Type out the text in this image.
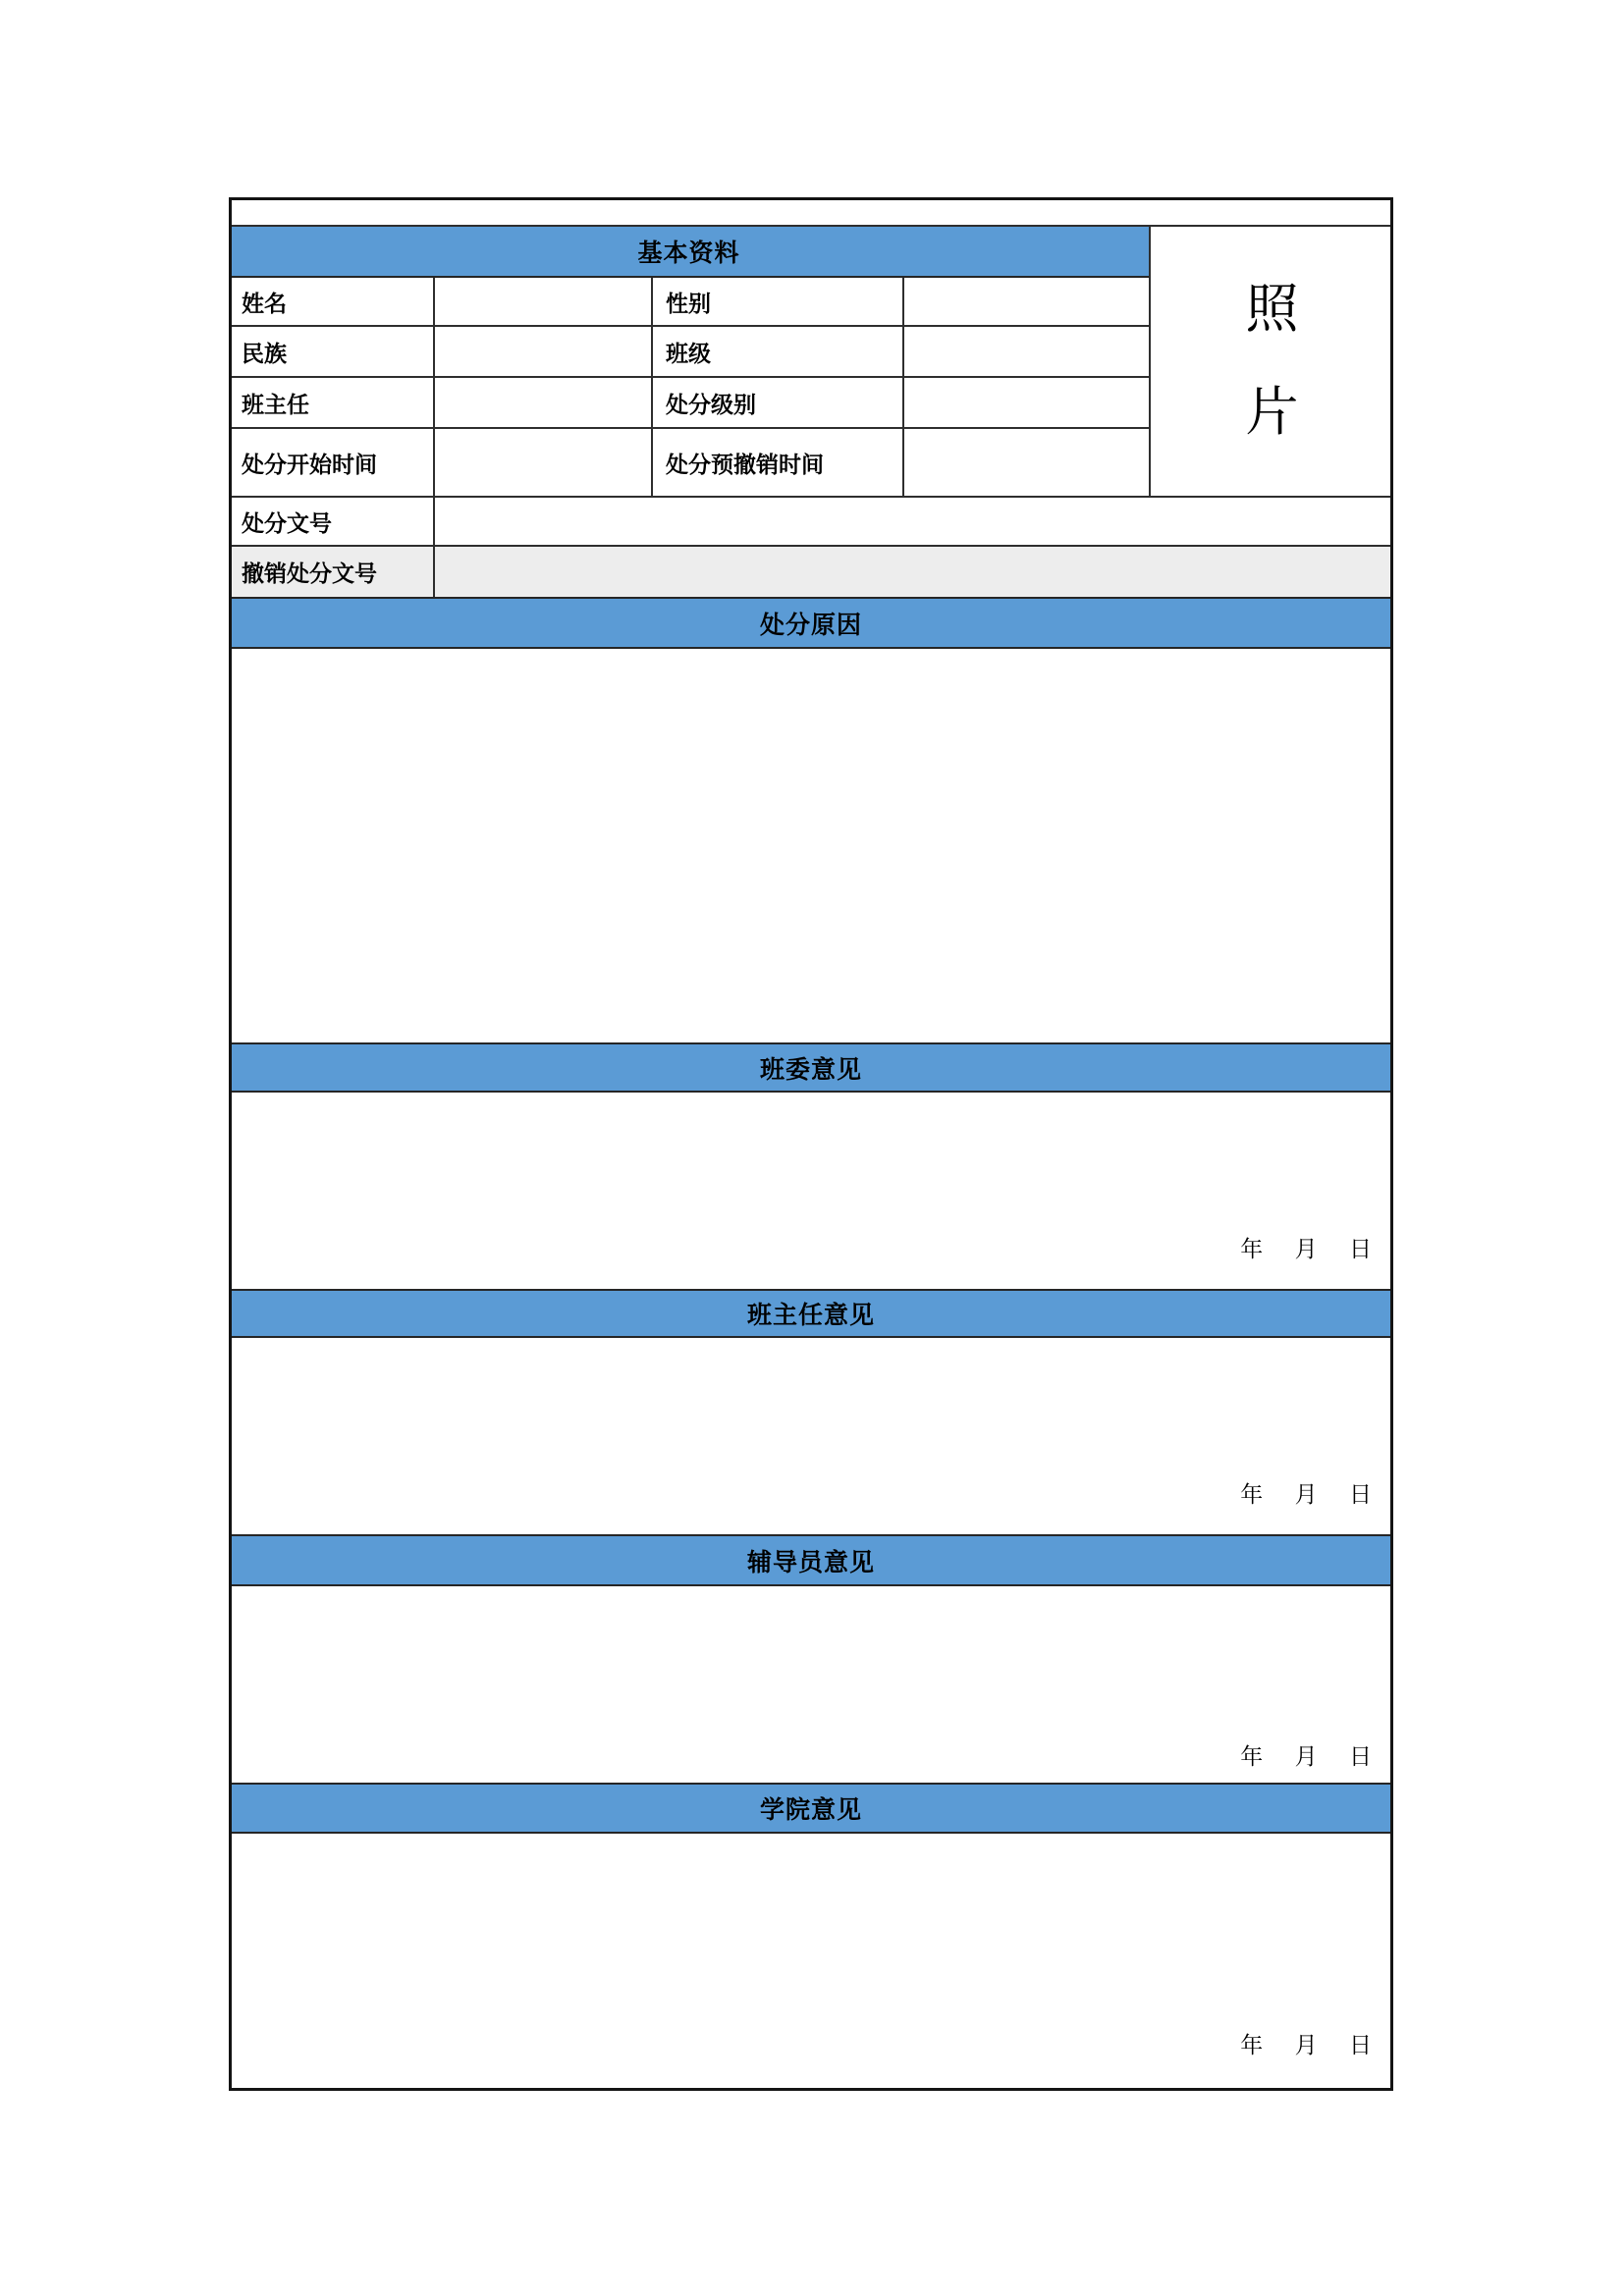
基本资料
照片
姓名	性别
民族	班级
班主任	处分级别
处分开始时间	处分预撤销时间
处分文号
撤销处分文号
处分原因
班委意见
年 月 日
班主任意见
年 月 日
辅导员意见
年 月 日
学院意见
年 月 日
